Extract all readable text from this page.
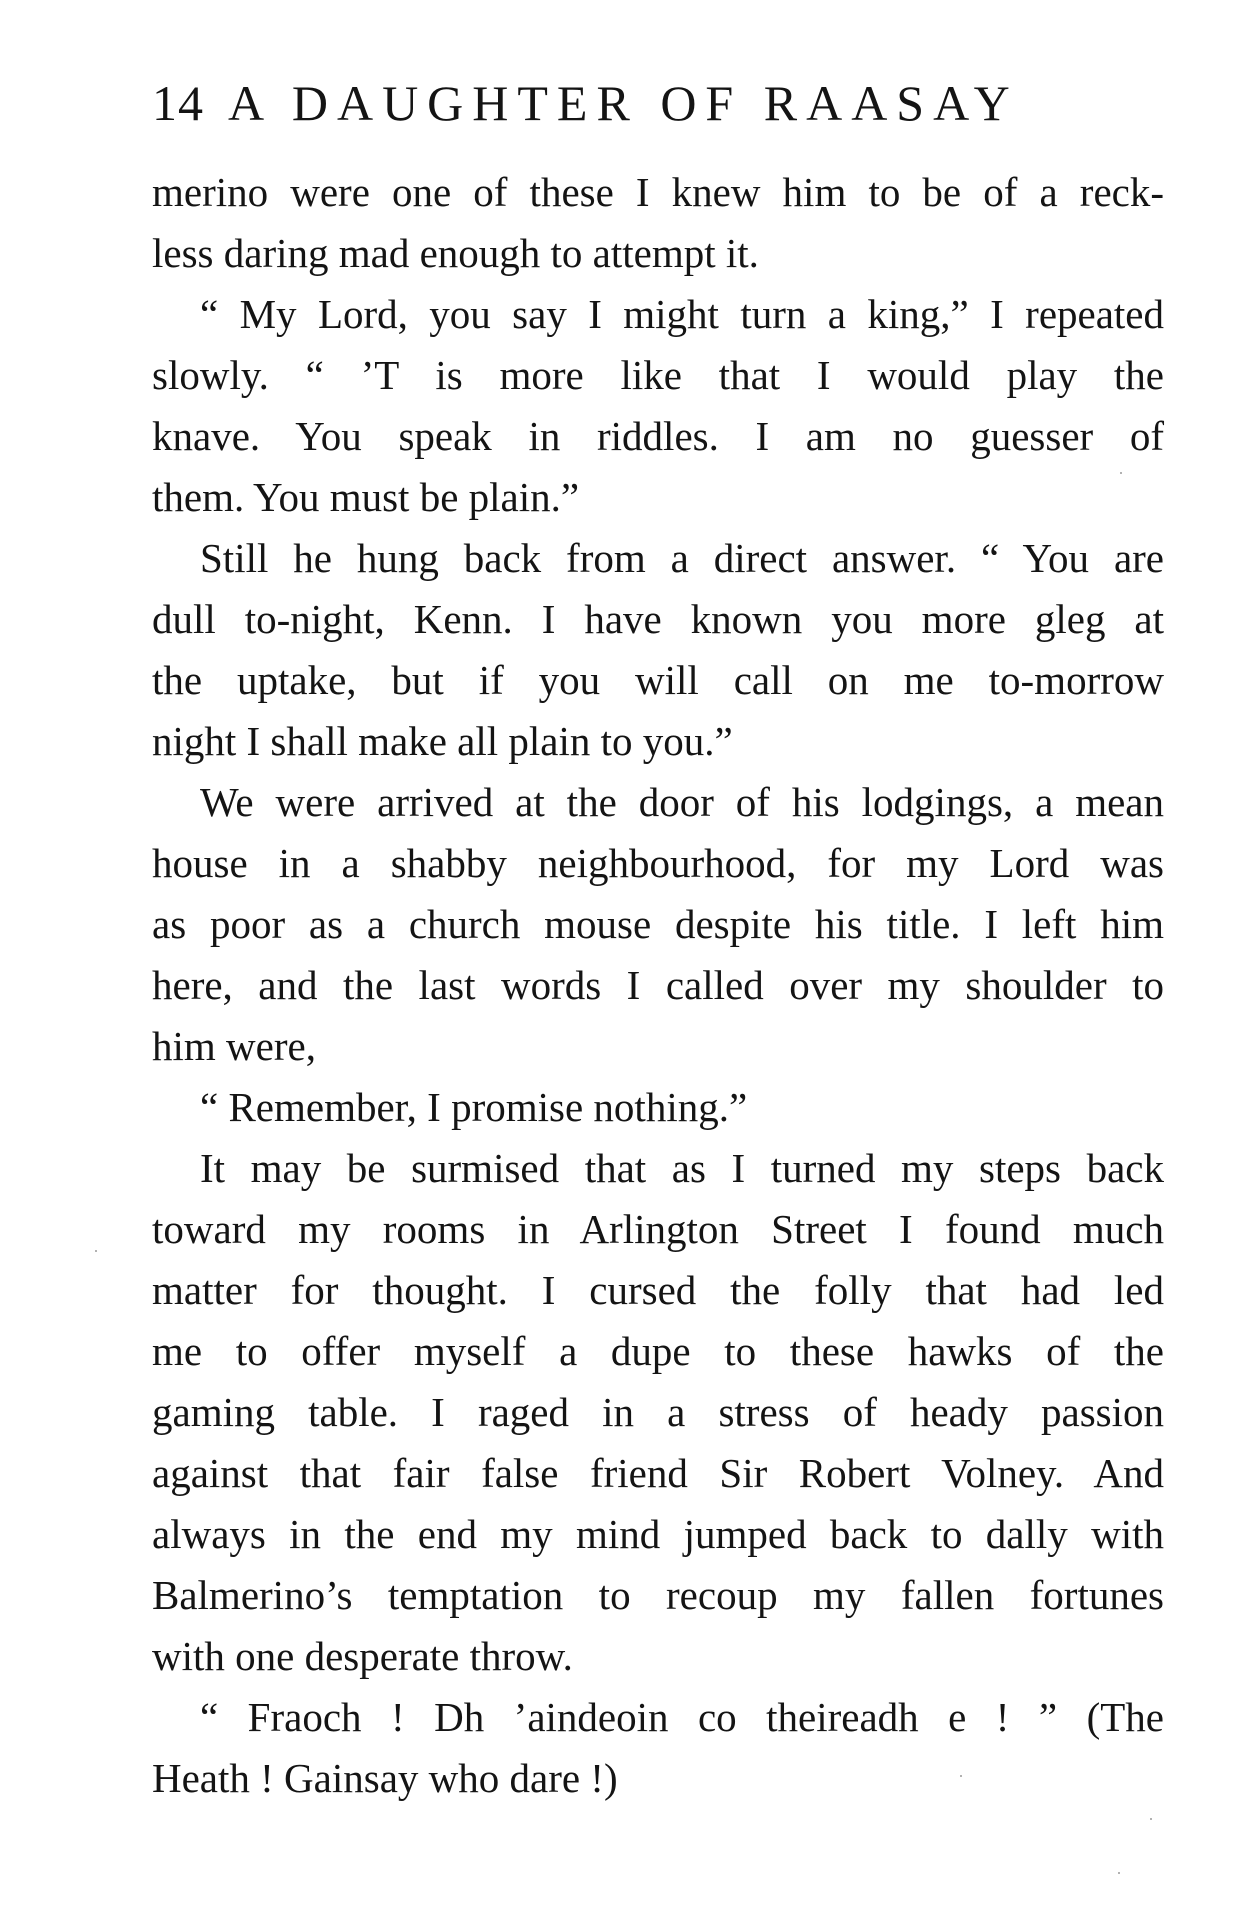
14 A DAUGHTER OF RAASAY
merino were one of these I knew him to be of a reck-
less daring mad enough to attempt it.
“ My Lord, you say I might turn a king,” I repeated
slowly. “ ’T is more like that I would play the
knave. You speak in riddles. I am no guesser of
them. You must be plain.”
Still he hung back from a direct answer. “ You are
dull to-night, Kenn. I have known you more gleg at
the uptake, but if you will call on me to-morrow
night I shall make all plain to you.”
We were arrived at the door of his lodgings, a mean
house in a shabby neighbourhood, for my Lord was
as poor as a church mouse despite his title. I left him
here, and the last words I called over my shoulder to
him were,
“ Remember, I promise nothing.”
It may be surmised that as I turned my steps back
toward my rooms in Arlington Street I found much
matter for thought. I cursed the folly that had led
me to offer myself a dupe to these hawks of the
gaming table. I raged in a stress of heady passion
against that fair false friend Sir Robert Volney. And
always in the end my mind jumped back to dally with
Balmerino’s temptation to recoup my fallen fortunes
with one desperate throw.
“ Fraoch ! Dh ’aindeoin co theireadh e ! ” (The
Heath ! Gainsay who dare !)
